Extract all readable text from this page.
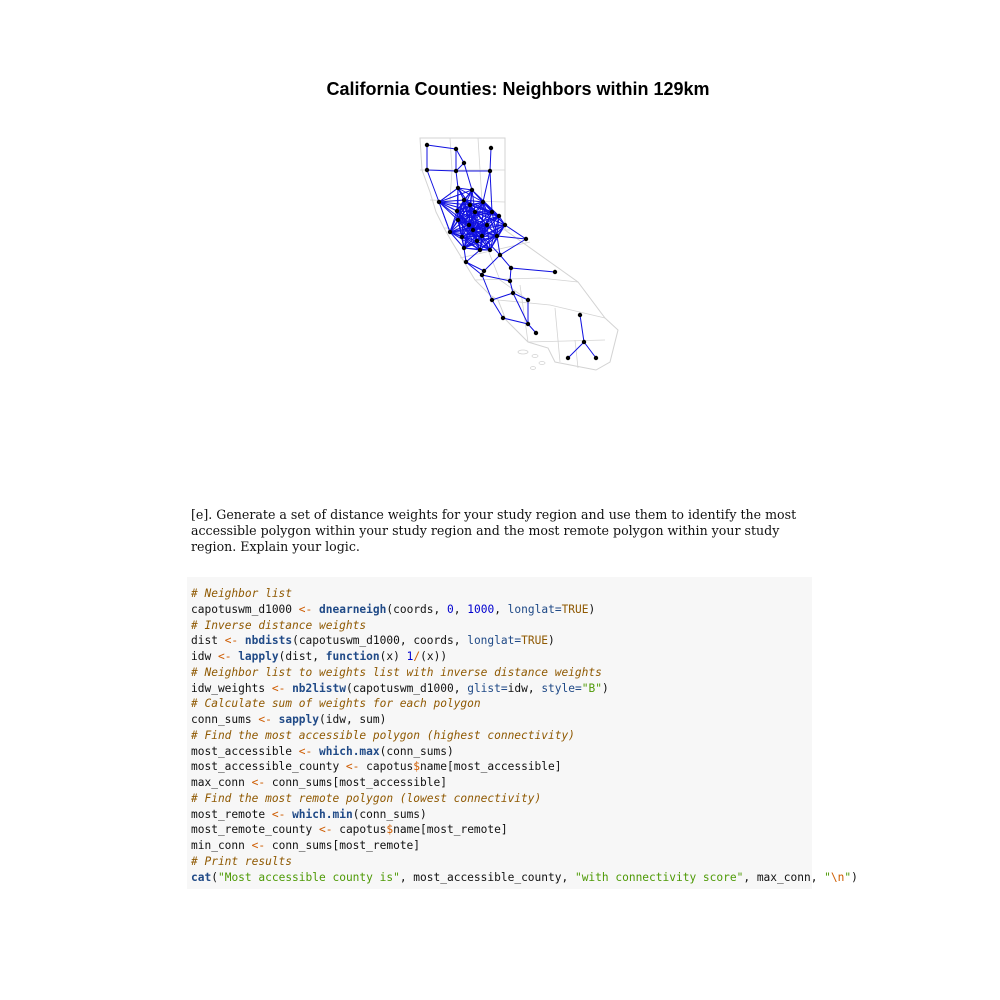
California Counties: Neighbors within 129km
[e]. Generate a set of distance weights for your study region and use them to identify the most accessible polygon within your study region and the most remote polygon within your study region. Explain your logic.
# Neighbor list
capotuswm_d1000 <- dnearneigh(coords, 0, 1000, longlat=TRUE)
# Inverse distance weights
dist <- nbdists(capotuswm_d1000, coords, longlat=TRUE)
idw <- lapply(dist, function(x) 1/(x))
# Neighbor list to weights list with inverse distance weights
idw_weights <- nb2listw(capotuswm_d1000, glist=idw, style="B")
# Calculate sum of weights for each polygon
conn_sums <- sapply(idw, sum)
# Find the most accessible polygon (highest connectivity)
most_accessible <- which.max(conn_sums)
most_accessible_county <- capotus$name[most_accessible]
max_conn <- conn_sums[most_accessible]
# Find the most remote polygon (lowest connectivity)
most_remote <- which.min(conn_sums)
most_remote_county <- capotus$name[most_remote]
min_conn <- conn_sums[most_remote]
# Print results
cat("Most accessible county is", most_accessible_county, "with connectivity score", max_conn, "\n")
